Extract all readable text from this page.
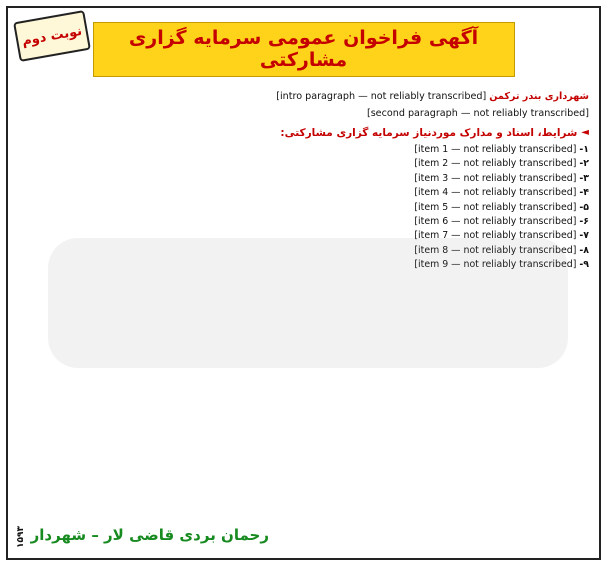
نوبت دوم	آگهی فراخوان عمومی سرمایه گزاری مشارکتی
شهرداری بندر ترکمن [intro paragraph — not reliably transcribed]
[second paragraph — not reliably transcribed]
◄
شرایط، اسناد و مدارک موردنیاز سرمایه گزاری مشارکتی:
۱-
[item 1 — not reliably transcribed]
۲-
[item 2 — not reliably transcribed]
۳-
[item 3 — not reliably transcribed]
۴-
[item 4 — not reliably transcribed]
۵-
[item 5 — not reliably transcribed]
۶-
[item 6 — not reliably transcribed]
۷-
[item 7 — not reliably transcribed]
۸-
[item 8 — not reliably transcribed]
۹-
[item 9 — not reliably transcribed]
رحمان بردی قاضی لار – شهردار
۱۵۹۳
